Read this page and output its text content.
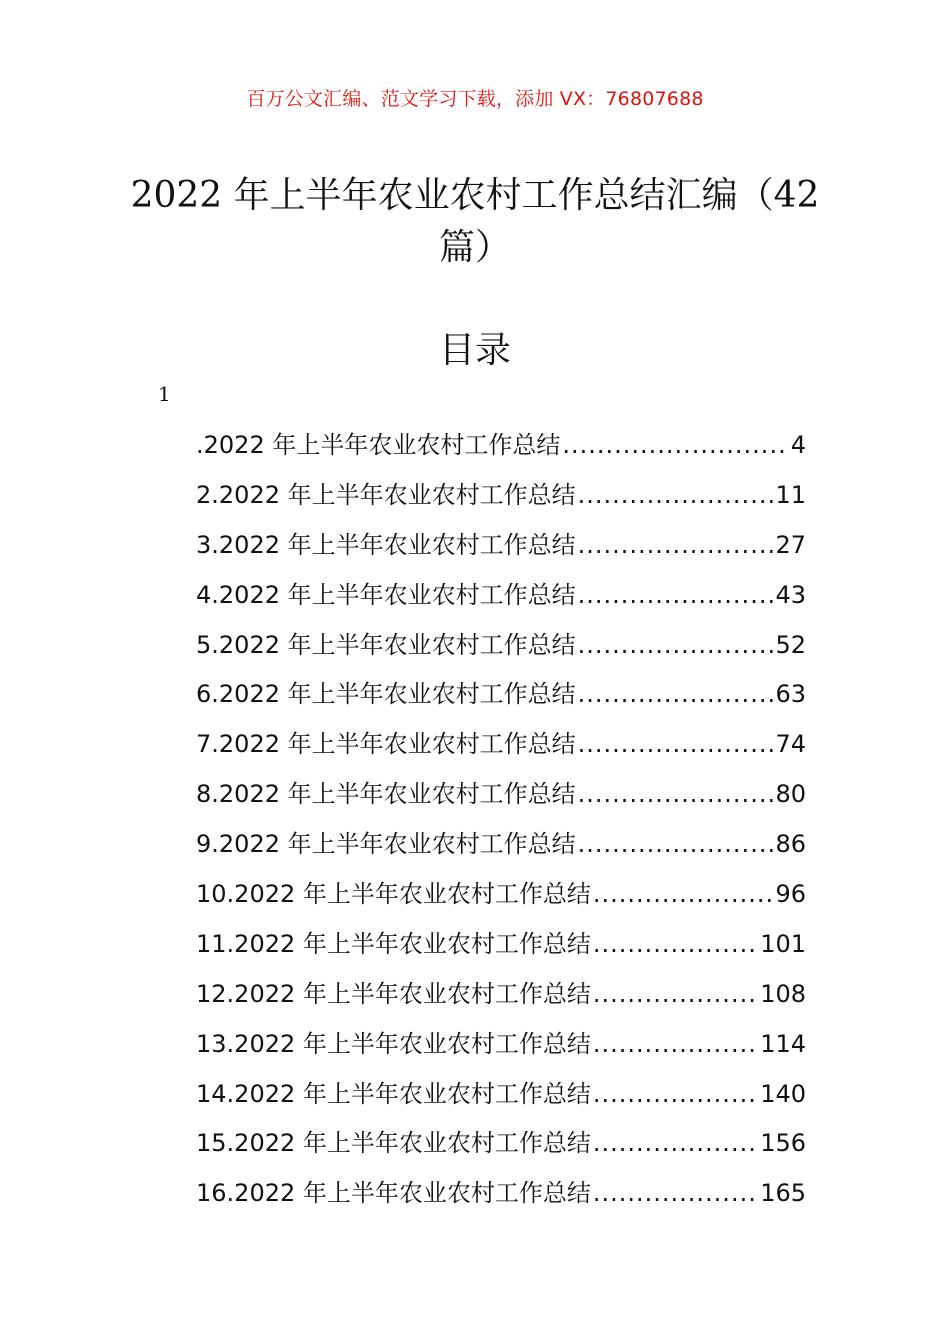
百万公文汇编、范文学习下载，添加 VX：76807688
2022 年上半年农业农村工作总结汇编（42 篇）
目录
1
.2022 年上半年农业农村工作总结 .....	4
2.2022 年上半年农业农村工作总结 .....	11
3.2022 年上半年农业农村工作总结 .....	27
4.2022 年上半年农业农村工作总结 .....	43
5.2022 年上半年农业农村工作总结 .....	52
6.2022 年上半年农业农村工作总结 .....	63
7.2022 年上半年农业农村工作总结 .....	74
8.2022 年上半年农业农村工作总结 .....	80
9.2022 年上半年农业农村工作总结 .....	86
10.2022 年上半年农业农村工作总结 .....	96
11.2022 年上半年农业农村工作总结 .....	101
12.2022 年上半年农业农村工作总结 .....	108
13.2022 年上半年农业农村工作总结 .....	114
14.2022 年上半年农业农村工作总结 .....	140
15.2022 年上半年农业农村工作总结 .....	156
16.2022 年上半年农业农村工作总结 .....	165
